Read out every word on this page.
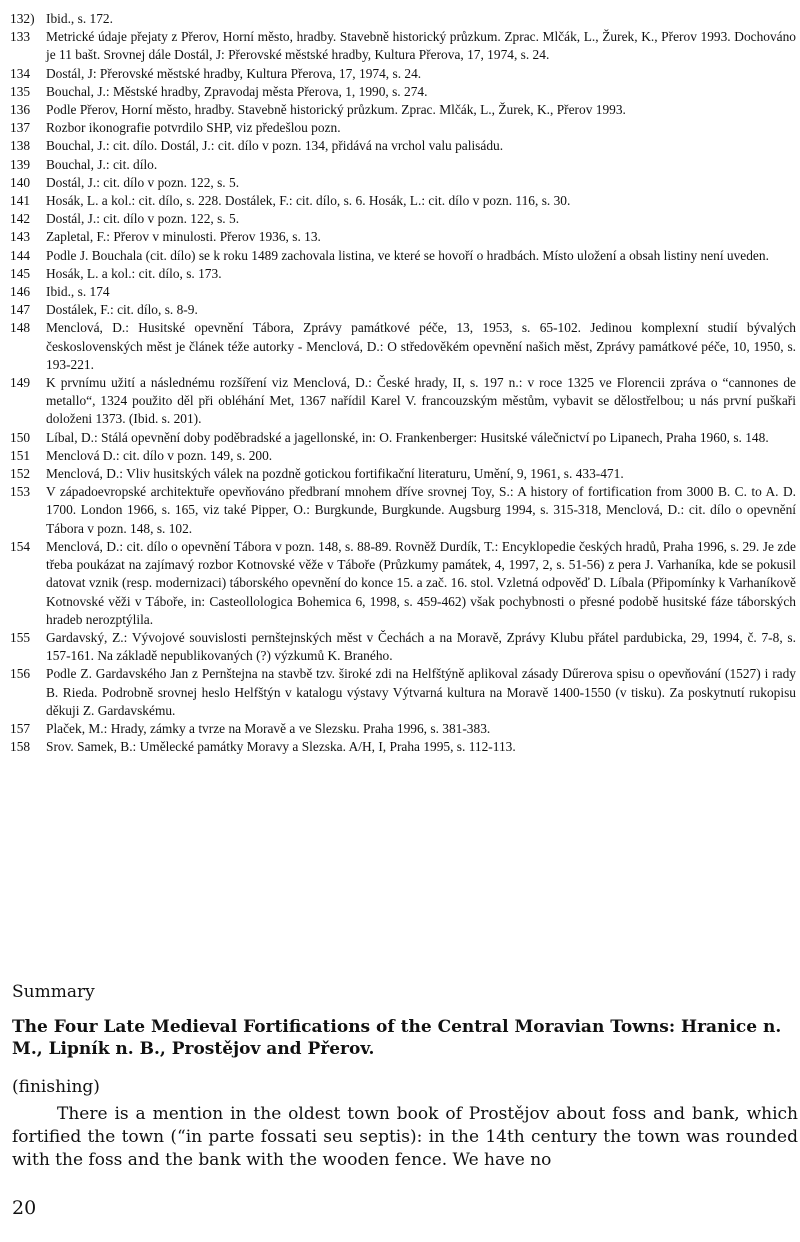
132) Ibid., s. 172.
133	Metrické údaje přejaty z Přerov, Horní město, hradby. Stavebně historický průzkum. Zprac. Mlčák, L., Žurek, K., Přerov 1993. Dochováno je 11 bašt. Srovnej dále Dostál, J: Přerovské městské hradby, Kultura Přerova, 17, 1974, s. 24.
134	Dostál, J: Přerovské městské hradby, Kultura Přerova, 17, 1974, s. 24.
135	Bouchal, J.: Městské hradby, Zpravodaj města Přerova, 1, 1990, s. 274.
136	Podle Přerov, Horní město, hradby. Stavebně historický průzkum. Zprac. Mlčák, L., Žurek, K., Přerov 1993.
137	Rozbor ikonografie potvrdilo SHP, viz předešlou pozn.
138	Bouchal, J.: cit. dílo. Dostál, J.: cit. dílo v pozn. 134, přidává na vrchol valu palisádu.
139	Bouchal, J.: cit. dílo.
140	Dostál, J.: cit. dílo v pozn. 122, s. 5.
141	Hosák, L. a kol.: cit. dílo, s. 228. Dostálek, F.: cit. dílo, s. 6. Hosák, L.: cit. dílo v pozn. 116, s. 30.
142	Dostál, J.: cit. dílo v pozn. 122, s. 5.
143	Zapletal, F.: Přerov v minulosti. Přerov 1936, s. 13.
144	Podle J. Bouchala (cit. dílo) se k roku 1489 zachovala listina, ve které se hovoří o hradbách. Místo uložení a obsah listiny není uveden.
145	Hosák, L. a kol.: cit. dílo, s. 173.
146	Ibid., s. 174
147	Dostálek, F.: cit. dílo, s. 8-9.
148	Menclová, D.: Husitské opevnění Tábora, Zprávy památkové péče, 13, 1953, s. 65-102. Jedinou komplexní studií bývalých československých měst je článek téže autorky - Menclová, D.: O středověkém opevnění našich měst, Zprávy památkové péče, 10, 1950, s. 193-221.
149	K prvnímu užití a následnému rozšíření viz Menclová, D.: České hrady, II, s. 197 n.: v roce 1325 ve Florencii zpráva o “cannones de metallo“, 1324 použito děl při obléhání Met, 1367 nařídil Karel V. francouzským městům, vybavit se dělostřelbou; u nás první puškaři doloženi 1373. (Ibid. s. 201).
150	Líbal, D.: Stálá opevnění doby poděbradské a jagellonské, in: O. Frankenberger: Husitské válečnictví po Lipanech, Praha 1960, s. 148.
151	Menclová D.: cit. dílo v pozn. 149, s. 200.
152	Menclová, D.: Vliv husitských válek na pozdně gotickou fortifikační literaturu, Umění, 9, 1961, s. 433-471.
153	V západoevropské architektuře opevňováno předbraní mnohem dříve srovnej Toy, S.: A history of fortification from 3000 B. C. to A. D. 1700. London 1966, s. 165, viz také Pipper, O.: Burgkunde, Burgkunde. Augsburg 1994, s. 315-318, Menclová, D.: cit. dílo o opevnění Tábora v pozn. 148, s. 102.
154	Menclová, D.: cit. dílo o opevnění Tábora v pozn. 148, s. 88-89. Rovněž Durdík, T.: Encyklopedie českých hradů, Praha 1996, s. 29. Je zde třeba poukázat na zajímavý rozbor Kotnovské věže v Táboře (Průzkumy památek, 4, 1997, 2, s. 51-56) z pera J. Varhaníka, kde se pokusil datovat vznik (resp. modernizaci) táborského opevnění do konce 15. a zač. 16. stol. Vzletná odpověď D. Líbala (Připomínky k Varhaníkově Kotnovské věži v Táboře, in: Casteollologica Bohemica 6, 1998, s. 459-462) však pochybnosti o přesné podobě husitské fáze táborských hradeb nerozptýlila.
155	Gardavský, Z.: Vývojové souvislosti pernštejnských měst v Čechách a na Moravě, Zprávy Klubu přátel pardubicka, 29, 1994, č. 7-8, s. 157-161. Na základě nepublikovaných (?) výzkumů K. Braného.
156	Podle Z. Gardavského Jan z Pernštejna na stavbě tzv. široké zdi na Helfštýně aplikoval zásady Dűrerova spisu o opevňování (1527) i rady B. Rieda. Podrobně srovnej heslo Helfštýn v katalogu výstavy Výtvarná kultura na Moravě 1400-1550 (v tisku). Za poskytnutí rukopisu děkuji Z. Gardavskému.
157	Plaček, M.: Hrady, zámky a tvrze na Moravě a ve Slezsku. Praha 1996, s. 381-383.
158	Srov. Samek, B.: Umělecké památky Moravy a Slezska. A/H, I, Praha 1995, s. 112-113.
Summary
The Four Late Medieval Fortifications of the Central Moravian Towns: Hranice n. M., Lipník n. B., Prostějov and Přerov.
(finishing)
There is a mention in the oldest town book of Prostějov about foss and bank, which fortified the town (“in parte fossati seu septis): in the 14th century the town was rounded with the foss and the bank with the wooden fence. We have no
20
